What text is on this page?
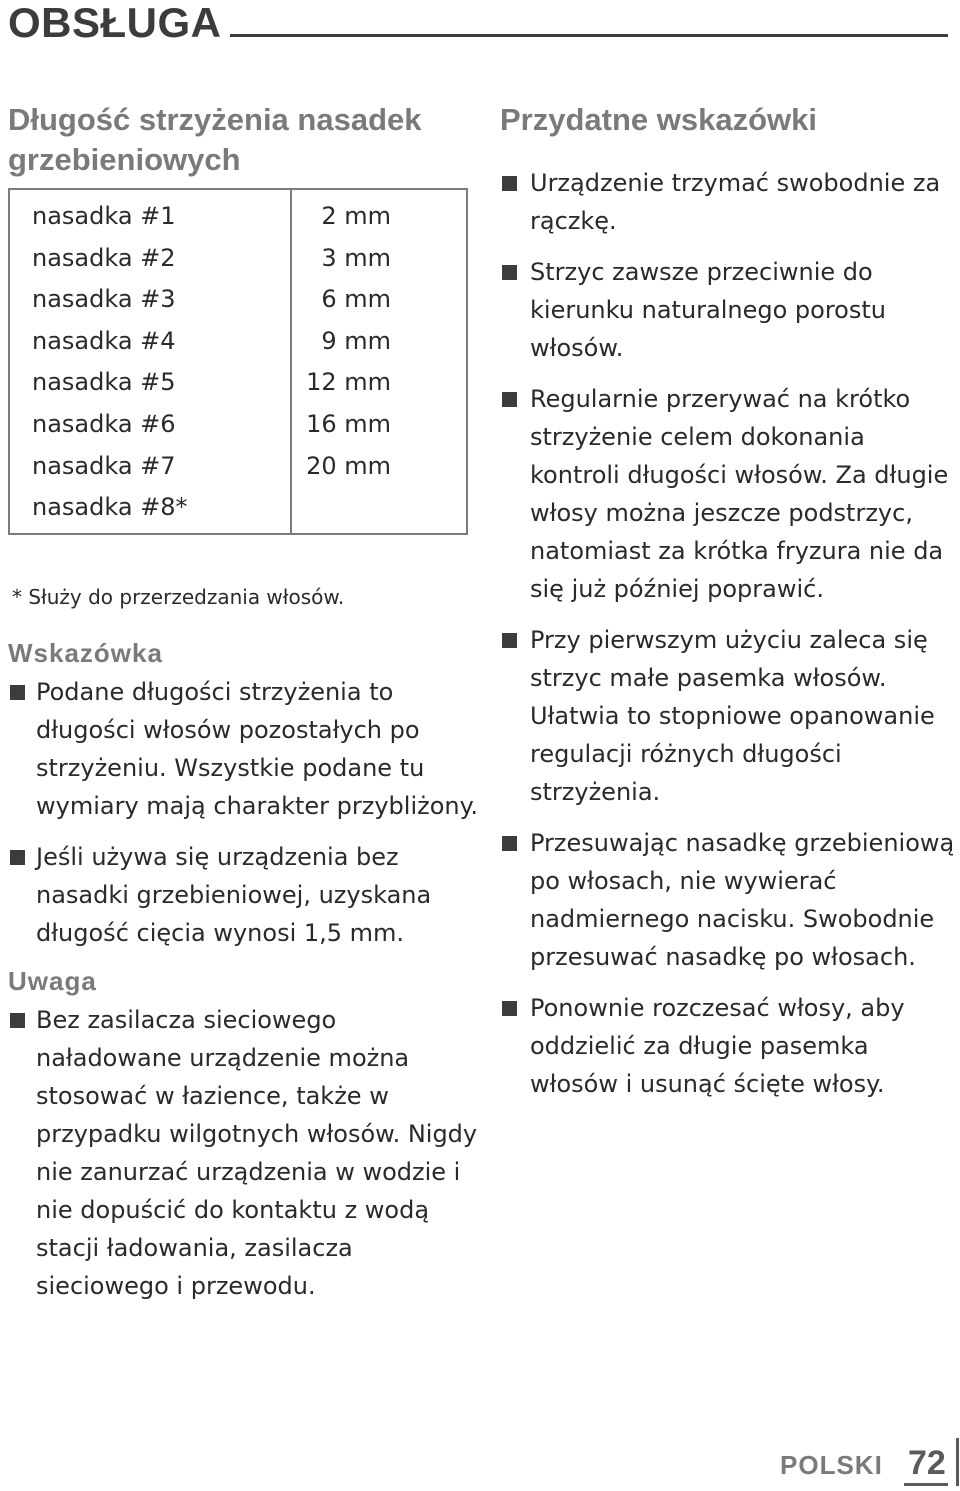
OBSŁUGA
Długość strzyżenia nasadek grzebieniowych
nasadka #1	2 mm
nasadka #2	3 mm
nasadka #3	6 mm
nasadka #4	9 mm
nasadka #5	12 mm
nasadka #6	16 mm
nasadka #7	20 mm
nasadka #8*	
* Służy do przerzedzania włosów.
Wskazówka
Podane długości strzyżenia to długości włosów pozostałych po strzyżeniu. Wszystkie podane tu wymiary mają charakter przybliżony.
Jeśli używa się urządzenia bez nasadki grzebieniowej, uzyskana długość cięcia wynosi 1,5 mm.
Uwaga
Bez zasilacza sieciowego naładowane urządzenie można stosować w łazience, także w przypadku wilgotnych włosów. Nigdy nie zanurzać urządzenia w wodzie i nie dopuścić do kontaktu z wodą stacji ładowania, zasilacza sieciowego i przewodu.
Przydatne wskazówki
Urządzenie trzymać swobodnie za rączkę.
Strzyc zawsze przeciwnie do kierunku naturalnego porostu włosów.
Regularnie przerywać na krótko strzyżenie celem dokonania kontroli długości włosów. Za długie włosy można jeszcze podstrzyc, natomiast za krótka fryzura nie da się już później poprawić.
Przy pierwszym użyciu zaleca się strzyc małe pasemka włosów. Ułatwia to stopniowe opanowanie regulacji różnych długości strzyżenia.
Przesuwając nasadkę grzebieniową po włosach, nie wywierać nadmiernego nacisku. Swobodnie przesuwać nasadkę po włosach.
Ponownie rozczesać włosy, aby oddzielić za długie pasemka włosów i usunąć ścięte włosy.
POLSKI 72
